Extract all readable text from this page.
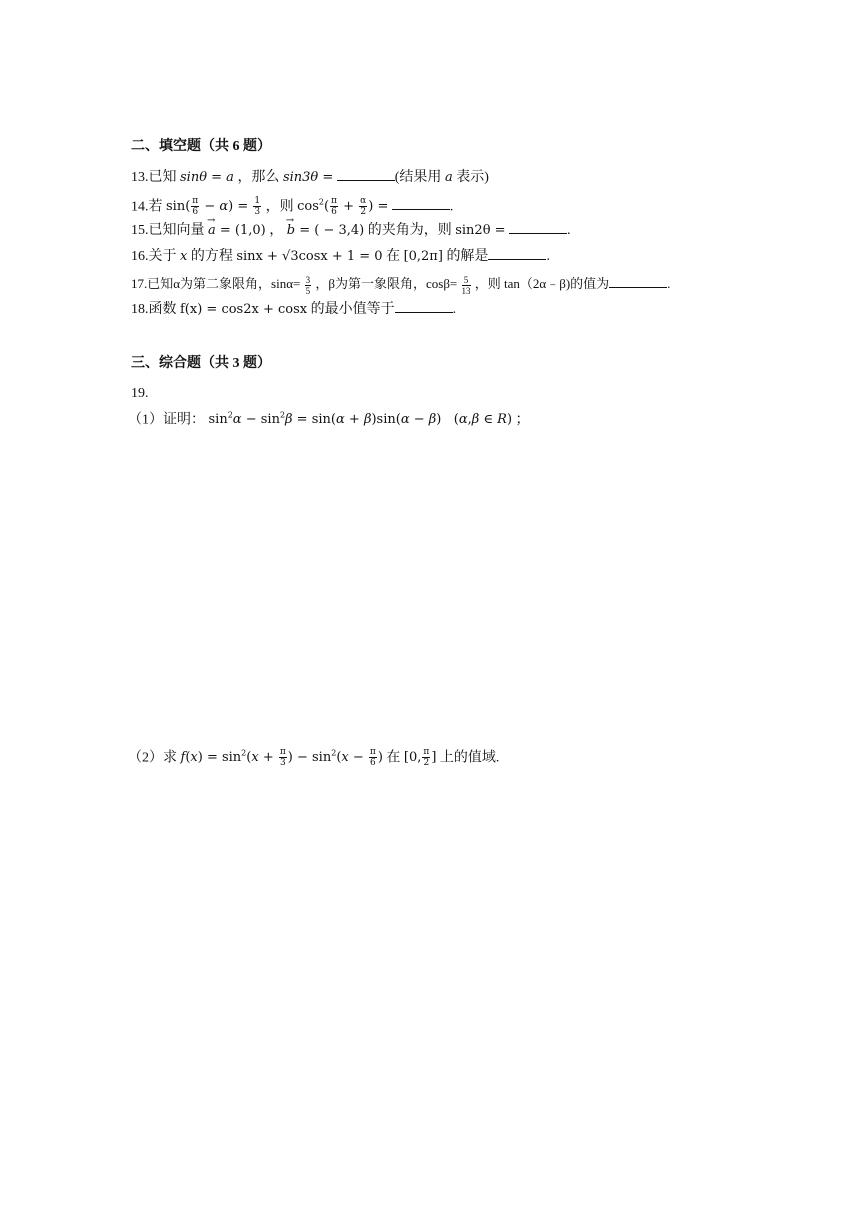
二、填空题（共 6 题）
13.已知 sinθ = a ，那么 sin3θ =	(结果用 a 表示)
14.若 $\sin( \frac{\pi}{6} - \alpha) = \frac{1}{3}$ ，则 $\cos^2( \frac{\pi}{6} + \frac{\alpha}{2}$ ) =	.
15.已知向量 → a = (1,0) ， → b = ( − 3,4) 的夹角为，则 sin2θ =	.
16.关于 x 的方程 sinx + √3cosx + 1 = 0 在 [0,2π] 的解是	.
17.已知α为第二象限角，$\sin\alpha= \frac{3}{5}$ ，β为第一象限角，$\cos\beta= \frac{5}{13}$ ，则 tan（2α﹣β)的值为	.
18.函数 f(x) = cos2x + cosx 的最小值等于	.
三、综合题（共 3 题）
19.
（1）证明： $\sin^2\alpha - \sin^2\beta = \sin(\alpha + \beta)\sin(\alpha - \beta)$   (α,β ∈ R) ；
（2）求 $f(x) = \sin^2(x + \frac{\pi}{3}$ ) − $\sin^2(x - \frac{\pi}{6}$ ) 在 [0, $\frac{\pi}{2}$ ] 上的值域.
